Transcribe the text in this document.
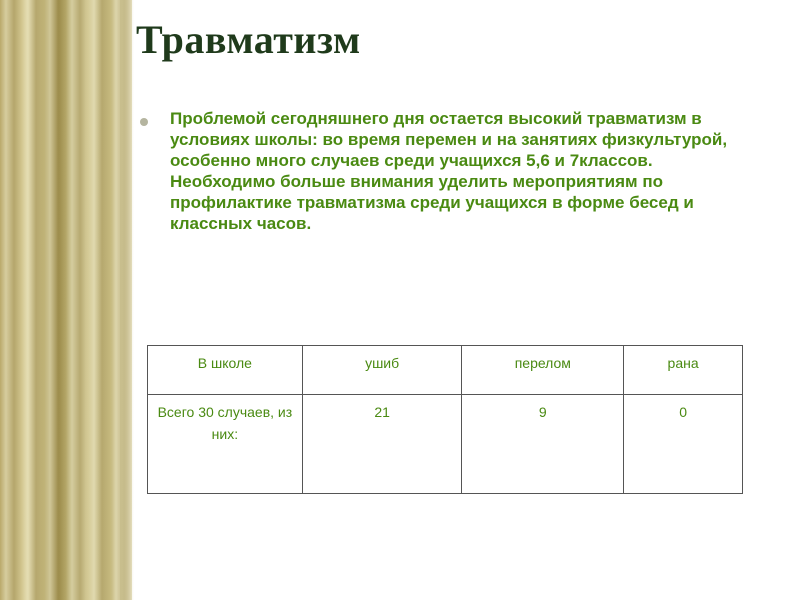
Травматизм

Проблемой сегодняшнего дня остается высокий травматизм в условиях школы: во время перемен и на занятиях физкультурой, особенно много случаев среди учащихся 5,6 и 7классов. Необходимо больше внимания уделить мероприятиям по профилактике травматизма среди учащихся в форме бесед и классных часов.

В школе	ушиб	перелом	рана
Всего 30 случаев, из них:	21	9	0
